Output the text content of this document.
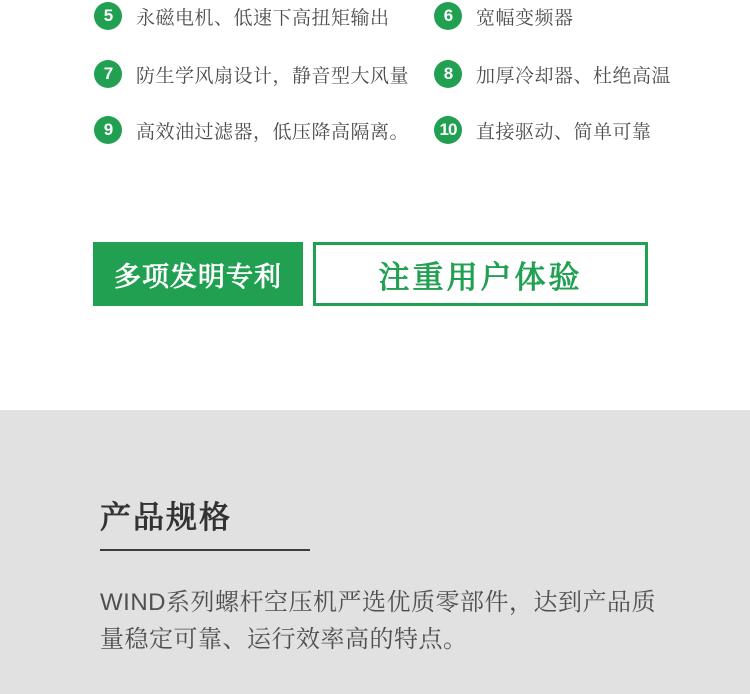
5	永磁电机、低速下高扭矩输出	6	宽幅变频器
7	防生学风扇设计，静音型大风量	8	加厚冷却器、杜绝高温
9	高效油过滤器，低压降高隔离。	10 直接驱动、简单可靠
多项发明专利	注重用户体验
产品规格

WIND系列螺杆空压机严选优质零部件，达到产品质量稳定可靠、运行效率高的特点。
